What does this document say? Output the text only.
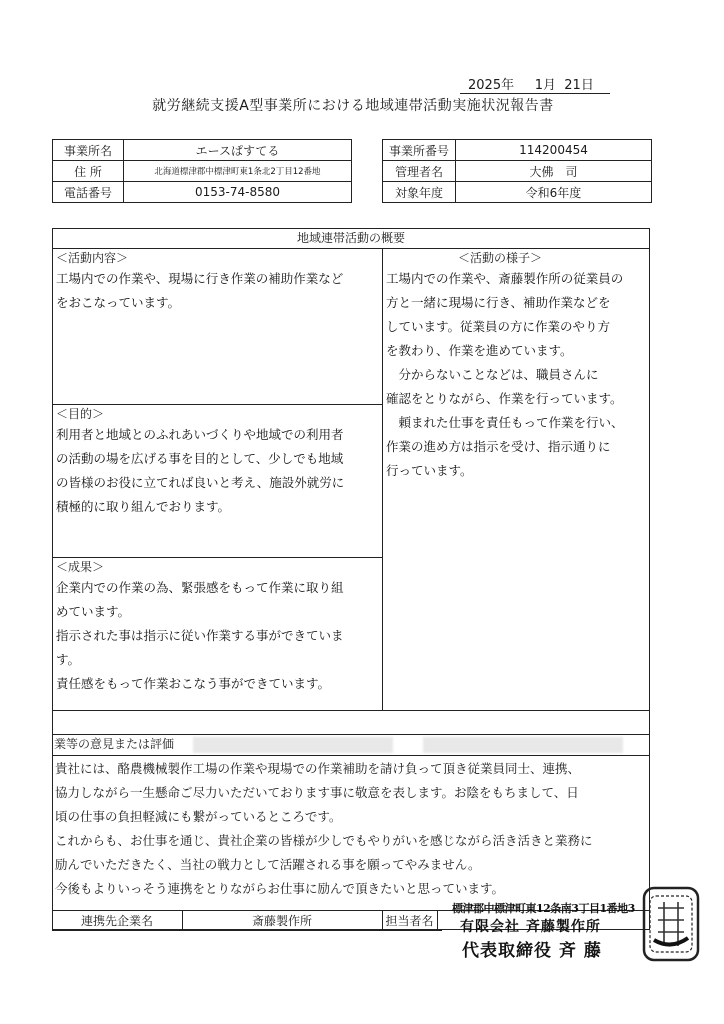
2025年     1月  21日
就労継続支援A型事業所における地域連帯活動実施状況報告書
事業所名	エースぱすてる
住 所	北海道標津郡中標津町東1条北2丁目12番地
電話番号	0153-74-8580
事業所番号	114200454
管理者名	大佛　司
対象年度	令和6年度
地域連帯活動の概要
＜活動内容＞
工場内での作業や、現場に行き作業の補助作業など
をおこなっています。
＜目的＞
利用者と地域とのふれあいづくりや地域での利用者
の活動の場を広げる事を目的として、少しでも地域
の皆様のお役に立てれば良いと考え、施設外就労に
積極的に取り組んでおります。
＜成果＞
企業内での作業の為、緊張感をもって作業に取り組
めています。
指示された事は指示に従い作業する事ができていま
す。
責任感をもって作業おこなう事ができています。
＜活動の様子＞
工場内での作業や、斎藤製作所の従業員の
方と一緒に現場に行き、補助作業などを
しています。従業員の方に作業のやり方
を教わり、作業を進めています。
　分からないことなどは、職員さんに
確認をとりながら、作業を行っています。
　頼まれた仕事を責任もって作業を行い、
作業の進め方は指示を受け、指示通りに
行っています。
業等の意見または評価
貴社には、酪農機械製作工場の作業や現場での作業補助を請け負って頂き従業員同士、連携、
協力しながら一生懸命ご尽力いただいております事に敬意を表します。お陰をもちまして、日
頃の仕事の負担軽減にも繋がっているところです。
これからも、お仕事を通じ、貴社企業の皆様が少しでもやりがいを感じながら活き活きと業務に
励んでいただきたく、当社の戦力として活躍される事を願ってやみません。
今後もよりいっそう連携をとりながらお仕事に励んで頂きたいと思っています。
連携先企業名	斎藤製作所	担当者名
標津郡中標津町東12条南3丁目1番地3
有限会社 斉藤製作所
代表取締役 斉 藤
